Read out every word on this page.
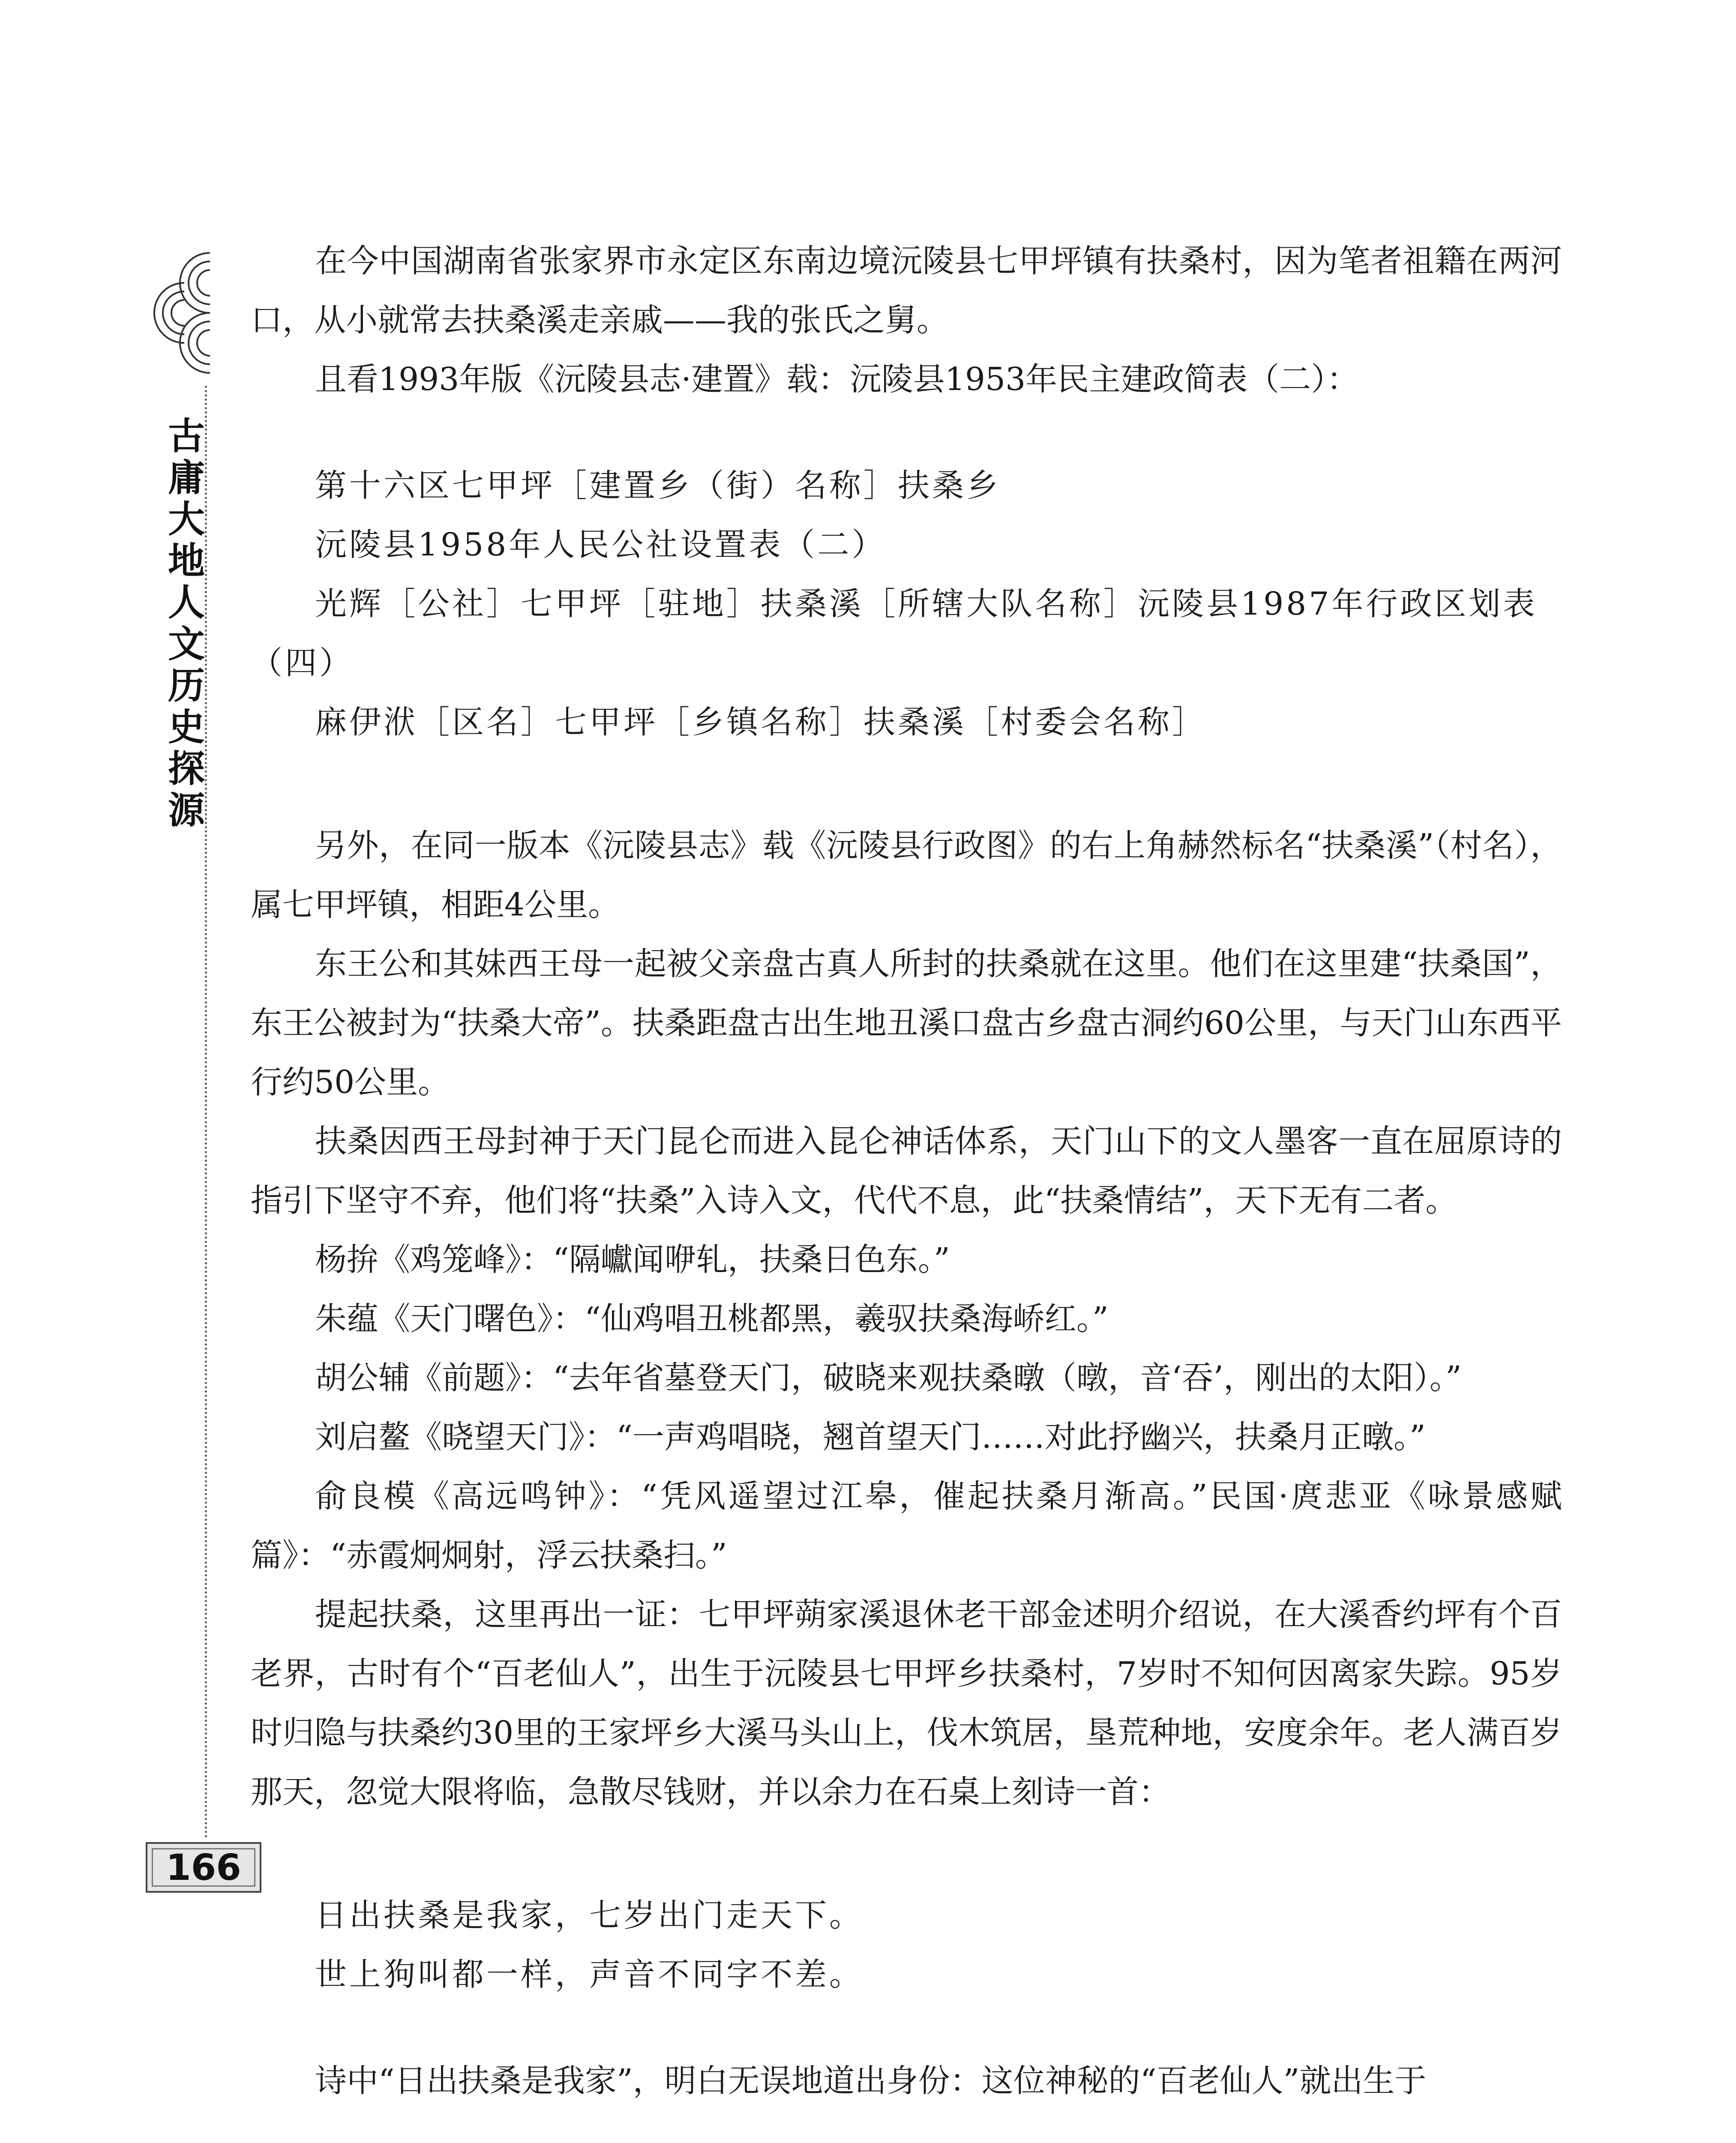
古庸大地人文历史探源
166

在今中国湖南省张家界市永定区东南边境沅陵县七甲坪镇有扶桑村，因为笔者祖籍在两河口，从小就常去扶桑溪走亲戚——我的张氏之舅。

且看1993年版《沅陵县志·建置》载：沅陵县1953年民主建政简表（二）：

第十六区七甲坪［建置乡（街）名称］扶桑乡

沅陵县1958年人民公社设置表（二）

光辉［公社］七甲坪［驻地］扶桑溪［所辖大队名称］沅陵县1987年行政区划表（四）

麻伊洑［区名］七甲坪［乡镇名称］扶桑溪［村委会名称］

另外，在同一版本《沅陵县志》载《沅陵县行政图》的右上角赫然标名“扶桑溪”（村名），属七甲坪镇，相距4公里。

东王公和其妹西王母一起被父亲盘古真人所封的扶桑就在这里。他们在这里建“扶桑国”，东王公被封为“扶桑大帝”。扶桑距盘古出生地丑溪口盘古乡盘古洞约60公里，与天门山东西平行约50公里。

扶桑因西王母封神于天门昆仑而进入昆仑神话体系，天门山下的文人墨客一直在屈原诗的指引下坚守不弃，他们将“扶桑”入诗入文，代代不息，此“扶桑情结”，天下无有二者。

杨拚《鸡笼峰》：“隔巘闻咿轧，扶桑日色东。”

朱蕴《天门曙色》：“仙鸡唱丑桃都黑，羲驭扶桑海峤红。”

胡公辅《前题》：“去年省墓登天门，破晓来观扶桑暾（暾，音‘吞’，刚出的太阳）。”

刘启鳌《晓望天门》：“一声鸡唱晓，翘首望天门……对此抒幽兴，扶桑月正暾。”

俞良模《高远鸣钟》：“凭风遥望过江皋，催起扶桑月渐高。”民国·庹悲亚《咏景感赋篇》：“赤霞炯炯射，浮云扶桑扫。”

提起扶桑，这里再出一证：七甲坪蒴家溪退休老干部金述明介绍说，在大溪香约坪有个百老界，古时有个“百老仙人”，出生于沅陵县七甲坪乡扶桑村，7岁时不知何因离家失踪。95岁时归隐与扶桑约30里的王家坪乡大溪马头山上，伐木筑居，垦荒种地，安度余年。老人满百岁那天，忽觉大限将临，急散尽钱财，并以余力在石桌上刻诗一首：

日出扶桑是我家，七岁出门走天下。

世上狗叫都一样，声音不同字不差。

诗中“日出扶桑是我家”，明白无误地道出身份：这位神秘的“百老仙人”就出生于
